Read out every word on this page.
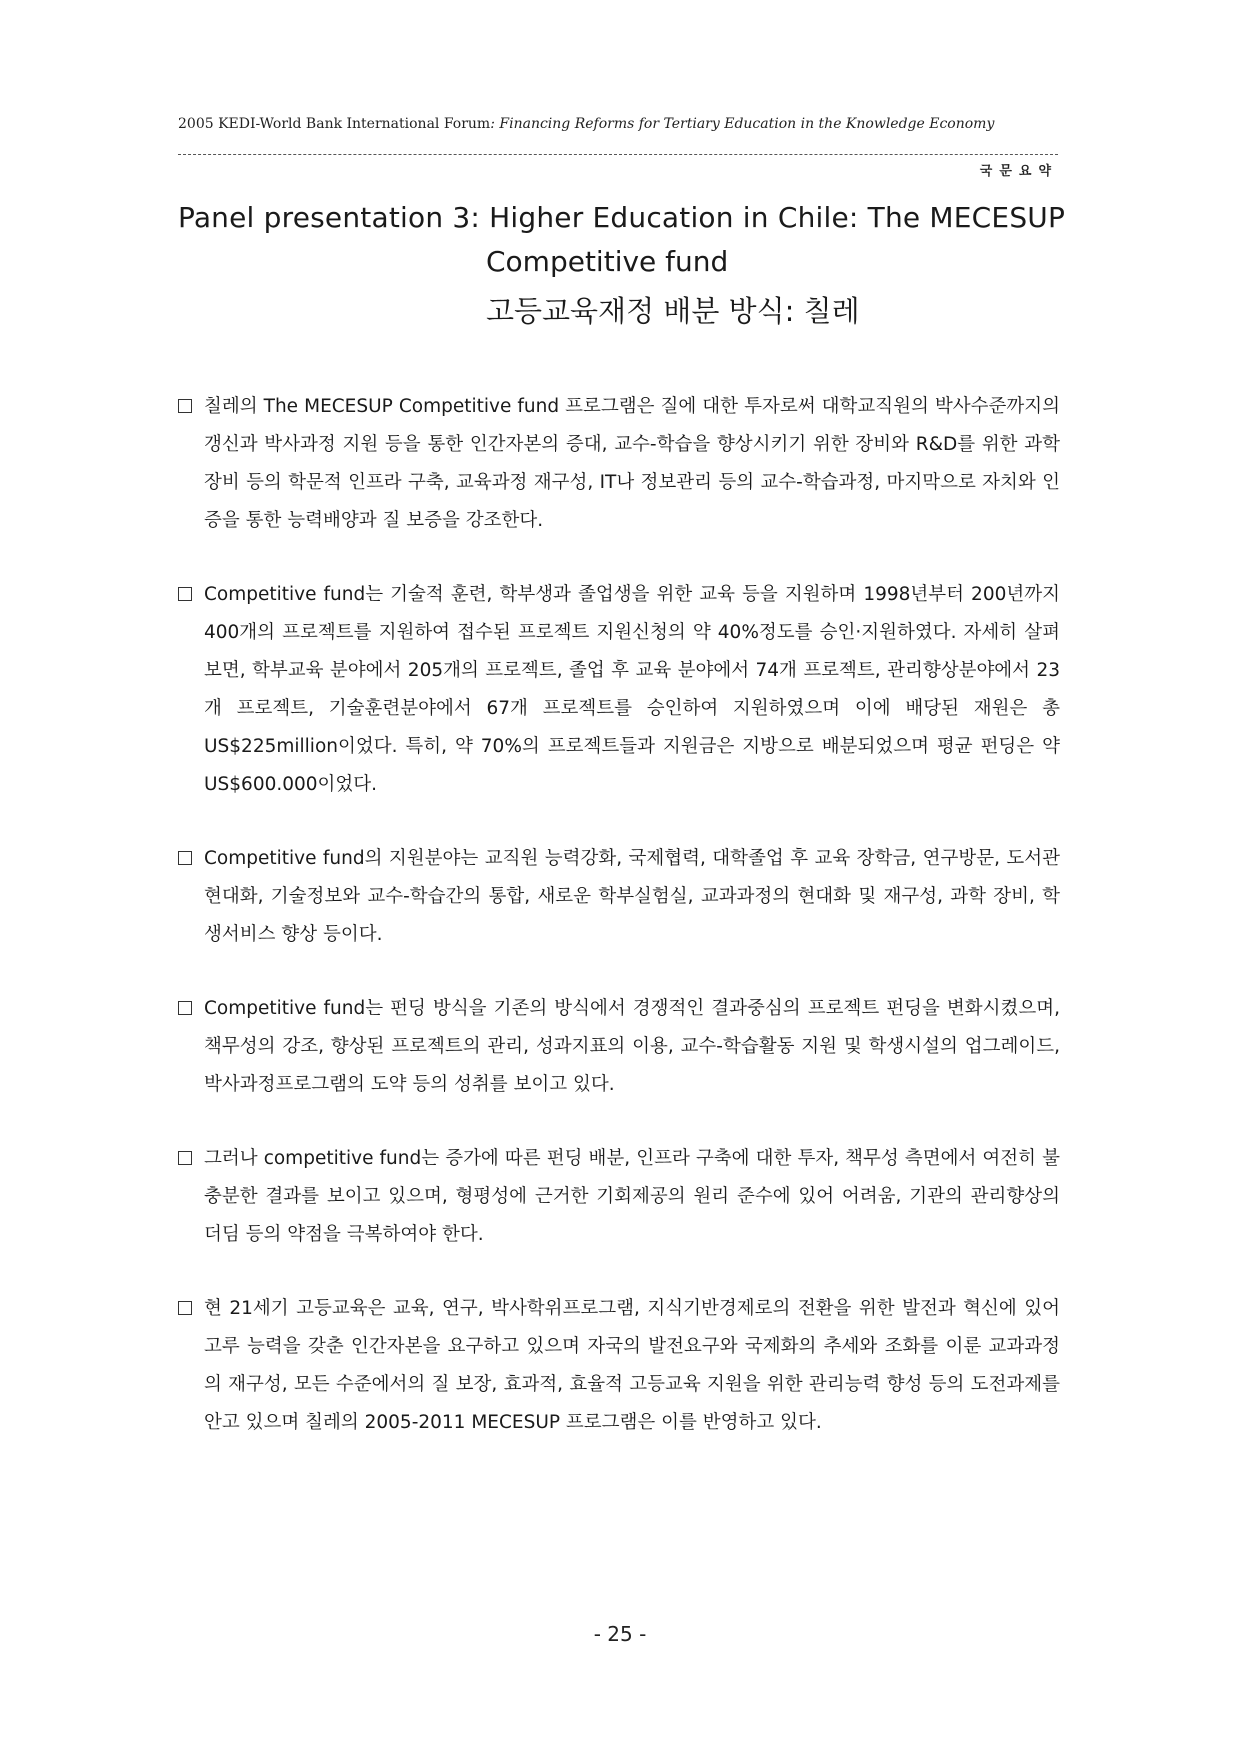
2005 KEDI-World Bank International Forum: Financing Reforms for Tertiary Education in the Knowledge Economy
국문요약
Panel presentation 3: Higher Education in Chile: The MECESUP
Competitive fund
고등교육재정 배분 방식: 칠레
칠레의 The MECESUP Competitive fund 프로그램은 질에 대한 투자로써 대학교직원의 박사수준까지의 갱신과 박사과정 지원 등을 통한 인간자본의 증대, 교수-학습을 향상시키기 위한 장비와 R&D를 위한 과학 장비 등의 학문적 인프라 구축, 교육과정 재구성, IT나 정보관리 등의 교수-학습과정, 마지막으로 자치와 인증을 통한 능력배양과 질 보증을 강조한다.
Competitive fund는 기술적 훈련, 학부생과 졸업생을 위한 교육 등을 지원하며 1998년부터 200년까지 400개의 프로젝트를 지원하여 접수된 프로젝트 지원신청의 약 40%정도를 승인·지원하였다. 자세히 살펴보면, 학부교육 분야에서 205개의 프로젝트, 졸업 후 교육 분야에서 74개 프로젝트, 관리향상분야에서 23개 프로젝트, 기술훈련분야에서 67개 프로젝트를 승인하여 지원하였으며 이에 배당된 재원은 총 US$225million이었다. 특히, 약 70%의 프로젝트들과 지원금은 지방으로 배분되었으며 평균 펀딩은 약 US$600.000이었다.
Competitive fund의 지원분야는 교직원 능력강화, 국제협력, 대학졸업 후 교육 장학금, 연구방문, 도서관 현대화, 기술정보와 교수-학습간의 통합, 새로운 학부실험실, 교과과정의 현대화 및 재구성, 과학 장비, 학생서비스 향상 등이다.
Competitive fund는 펀딩 방식을 기존의 방식에서 경쟁적인 결과중심의 프로젝트 펀딩을 변화시켰으며, 책무성의 강조, 향상된 프로젝트의 관리, 성과지표의 이용, 교수-학습활동 지원 및 학생시설의 업그레이드, 박사과정프로그램의 도약 등의 성취를 보이고 있다.
그러나 competitive fund는 증가에 따른 펀딩 배분, 인프라 구축에 대한 투자, 책무성 측면에서 여전히 불충분한 결과를 보이고 있으며, 형평성에 근거한 기회제공의 원리 준수에 있어 어려움, 기관의 관리향상의 더딤 등의 약점을 극복하여야 한다.
현 21세기 고등교육은 교육, 연구, 박사학위프로그램, 지식기반경제로의 전환을 위한 발전과 혁신에 있어 고루 능력을 갖춘 인간자본을 요구하고 있으며 자국의 발전요구와 국제화의 추세와 조화를 이룬 교과과정의 재구성, 모든 수준에서의 질 보장, 효과적, 효율적 고등교육 지원을 위한 관리능력 향성 등의 도전과제를 안고 있으며 칠레의 2005-2011 MECESUP 프로그램은 이를 반영하고 있다.
- 25 -
